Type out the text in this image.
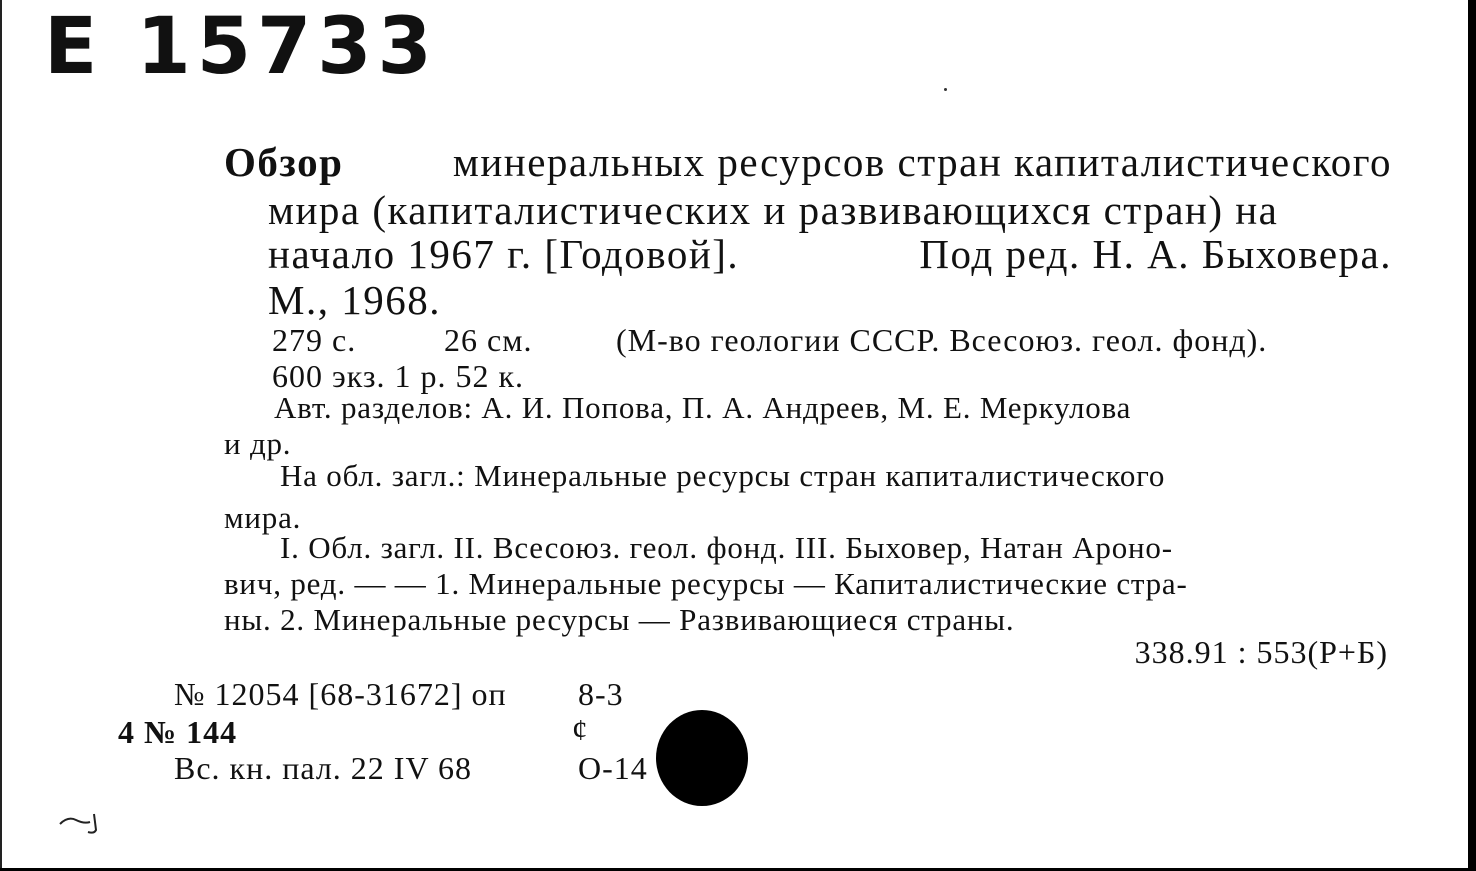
E 15733
Обзор	минеральных ресурсов стран капиталистического
мира (капиталистических и развивающихся стран) на
начало 1967 г. [Годовой].	Под ред. Н. А. Быховера.
М., 1968.
279 с.	26 см.	(М-во геологии СССР. Всесоюз. геол. фонд).
600 экз. 1 р. 52 к.
Авт. разделов: А. И. Попова, П. А. Андреев, М. Е. Меркулова
и др.
На обл. загл.: Минеральные ресурсы стран капиталистического
мира.
I. Обл. загл. II. Всесоюз. геол. фонд. III. Быховер, Натан Ароно-
вич, ред. — — 1. Минеральные ресурсы — Капиталистические стра-
ны. 2. Минеральные ресурсы — Развивающиеся страны.
338.91 : 553(Р+Б)
№ 12054 [68-31672] оп 8-3
4 № 144	ȼ
Вс. кн. пал. 22 IV 68	О-14
